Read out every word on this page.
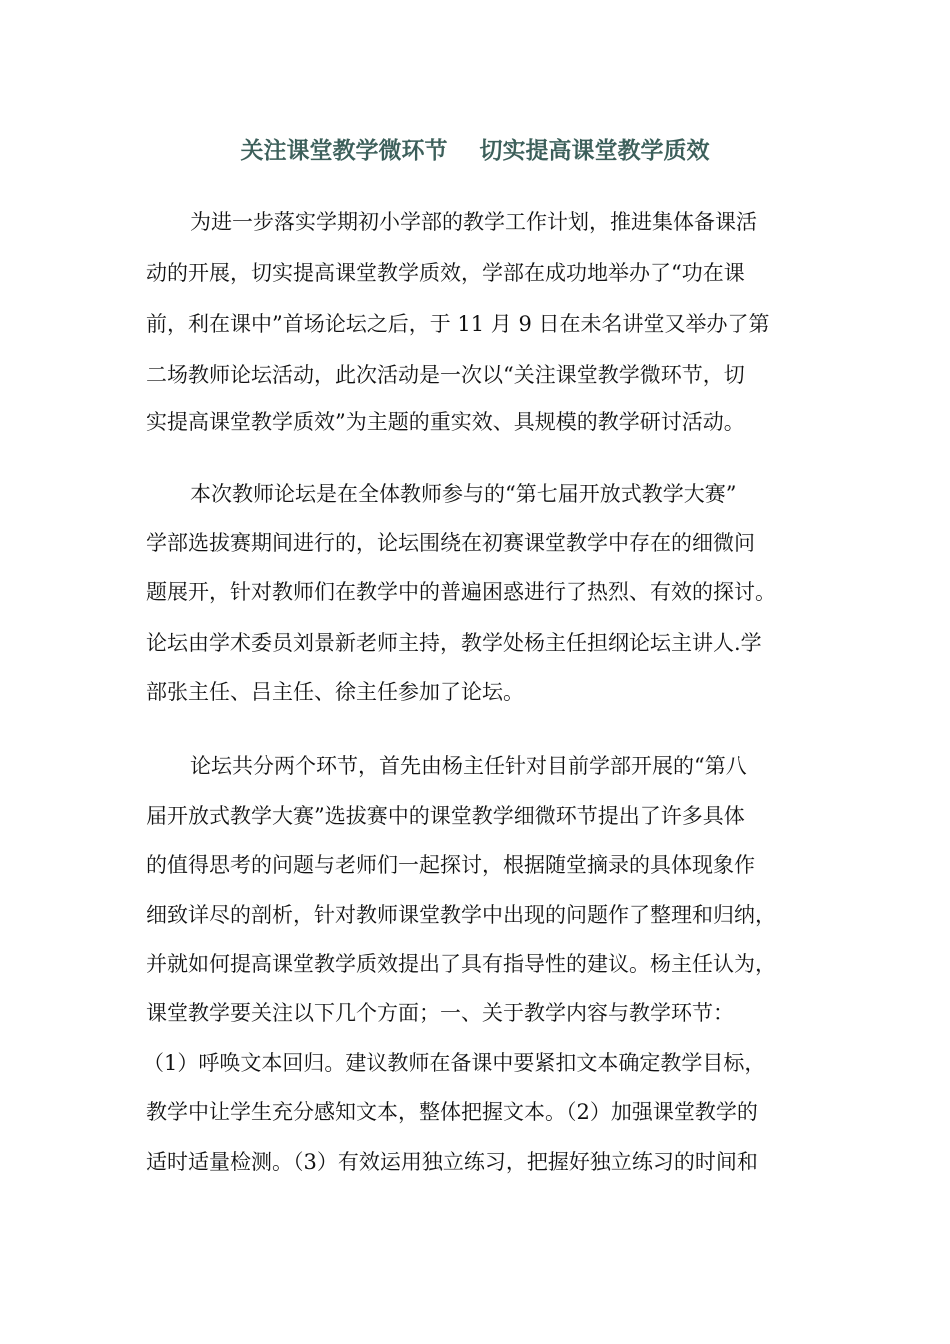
关注课堂教学微环节    切实提高课堂教学质效
为进一步落实学期初小学部的教学工作计划，推进集体备课活
动的开展，切实提高课堂教学质效，学部在成功地举办了“功在课
前，利在课中”首场论坛之后，于 11 月 9 日在未名讲堂又举办了第
二场教师论坛活动，此次活动是一次以“关注课堂教学微环节，切
实提高课堂教学质效”为主题的重实效、具规模的教学研讨活动。
本次教师论坛是在全体教师参与的“第七届开放式教学大赛”
学部选拔赛期间进行的，论坛围绕在初赛课堂教学中存在的细微问
题展开，针对教师们在教学中的普遍困惑进行了热烈、有效的探讨。
论坛由学术委员刘景新老师主持，教学处杨主任担纲论坛主讲人.学
部张主任、吕主任、徐主任参加了论坛。
论坛共分两个环节，首先由杨主任针对目前学部开展的“第八
届开放式教学大赛”选拔赛中的课堂教学细微环节提出了许多具体
的值得思考的问题与老师们一起探讨，根据随堂摘录的具体现象作
细致详尽的剖析，针对教师课堂教学中出现的问题作了整理和归纳，
并就如何提高课堂教学质效提出了具有指导性的建议。杨主任认为，
课堂教学要关注以下几个方面；一、关于教学内容与教学环节：
（1）呼唤文本回归。建议教师在备课中要紧扣文本确定教学目标，
教学中让学生充分感知文本，整体把握文本。（2）加强课堂教学的
适时适量检测。（3）有效运用独立练习，把握好独立练习的时间和
